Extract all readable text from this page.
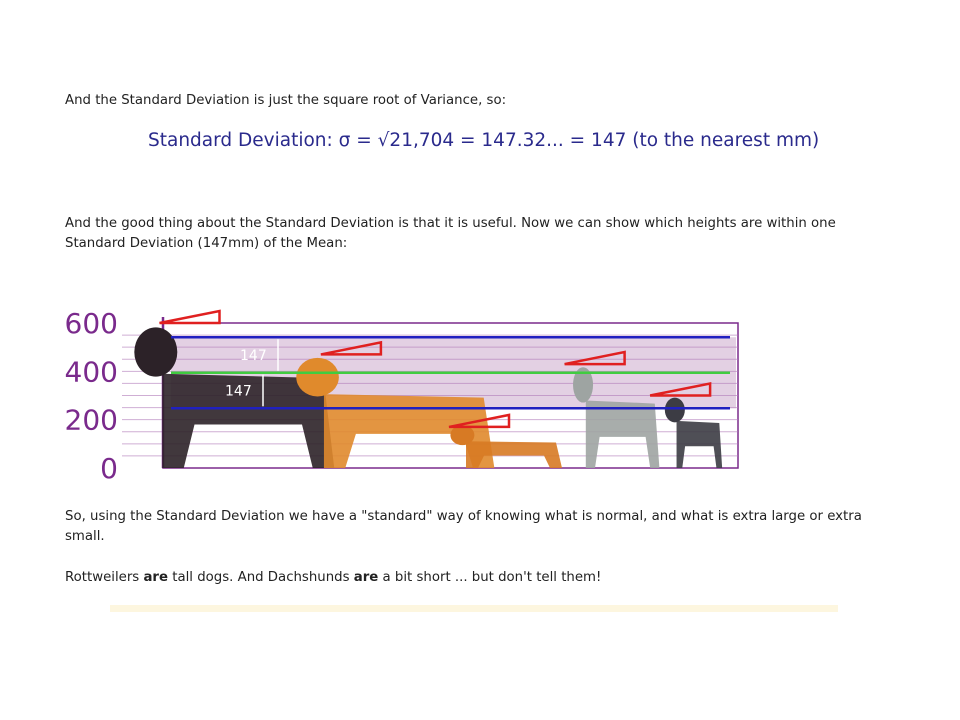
And the Standard Deviation is just the square root of Variance, so:

Standard Deviation: σ = √21,704 = 147.32... = 147 (to the nearest mm)

And the good thing about the Standard Deviation is that it is useful. Now we can show which heights are within one Standard Deviation (147mm) of the Mean:

0
200
400
600
147
147

So, using the Standard Deviation we have a "standard" way of knowing what is normal, and what is extra large or extra small.

Rottweilers are tall dogs. And Dachshunds are a bit short ... but don't tell them!
